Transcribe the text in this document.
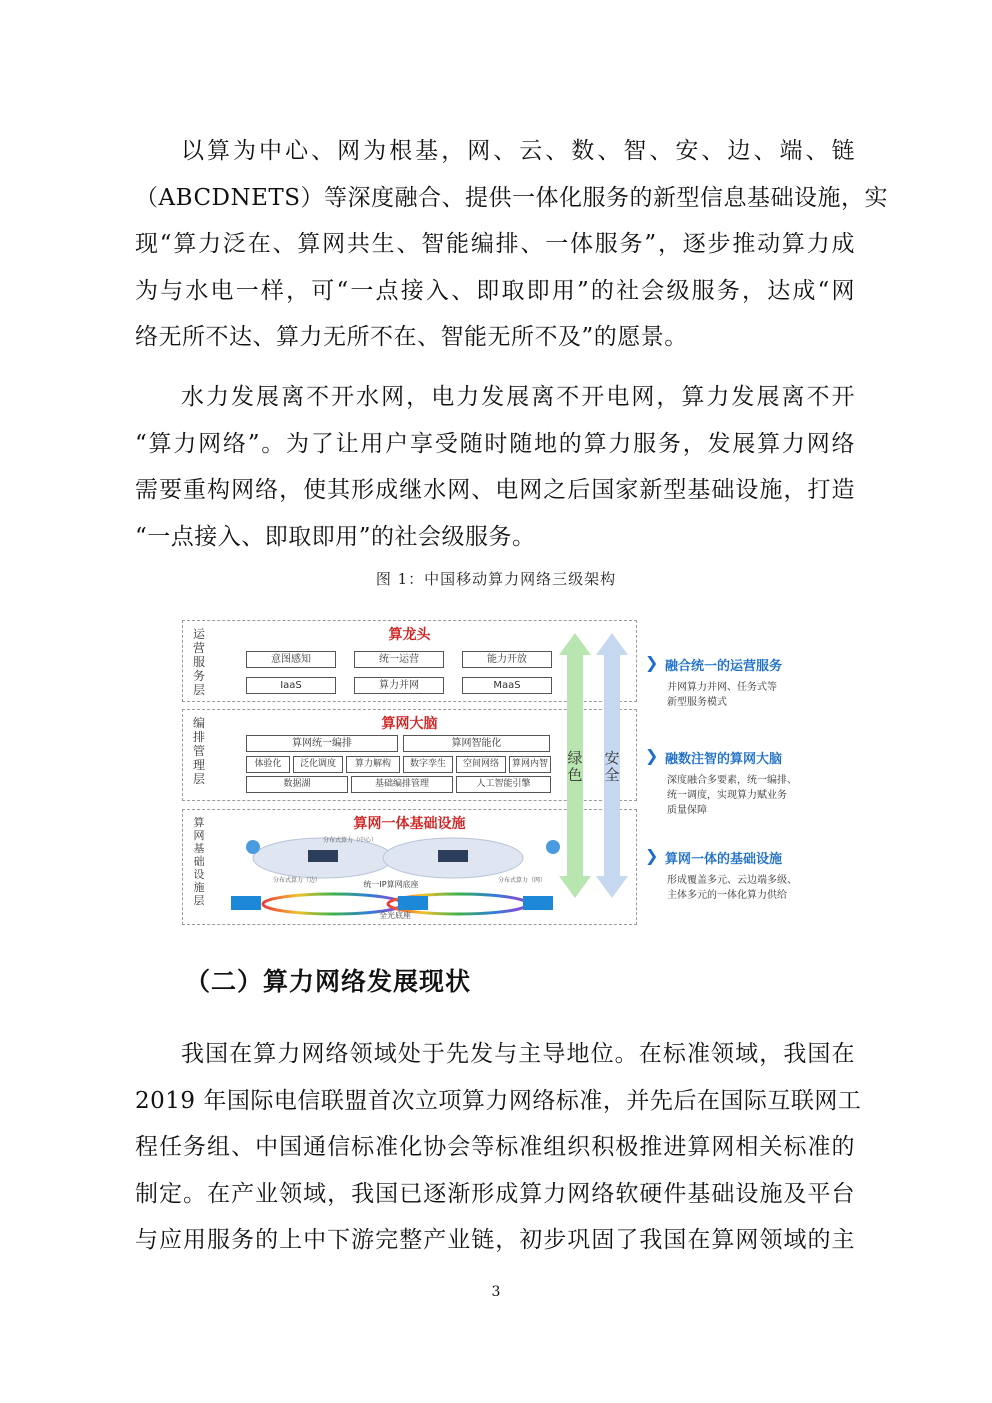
以算为中心、网为根基，网、云、数、智、安、边、端、链
（ABCDNETS）等深度融合、提供一体化服务的新型信息基础设施，实
现“算力泛在、算网共生、智能编排、一体服务”，逐步推动算力成
为与水电一样，可“一点接入、即取即用”的社会级服务，达成“网
络无所不达、算力无所不在、智能无所不及”的愿景。
水力发展离不开水网，电力发展离不开电网，算力发展离不开
“算力网络”。为了让用户享受随时随地的算力服务，发展算力网络
需要重构网络，使其形成继水网、电网之后国家新型基础设施，打造
“一点接入、即取即用”的社会级服务。
图 1：中国移动算力网络三级架构
运营服务层
算龙头
意图感知	统一运营	能力开放
IaaS	算力并网	MaaS
编排管理层
算网大脑
算网统一编排	算网智能化
体验化	泛化调度	算力解构	数字孪生	空间网络	算网内智
数据湖	基础编排管理	人工智能引擎
算网基础设施层
算网一体基础设施
统一IP算网底座
全光底座
分布式算力（边）	分布式算力（网）
分布式算力（中心）
绿色
安全
❯ 融合统一的运营服务
并网算力并网、任务式等
新型服务模式
❯ 融数注智的算网大脑
深度融合多要素，统一编排、
统一调度，实现算力赋业务
质量保障
❯ 算网一体的基础设施
形成覆盖多元、云边端多级、
主体多元的一体化算力供给
（二）算力网络发展现状
我国在算力网络领域处于先发与主导地位。在标准领域，我国在
2019 年国际电信联盟首次立项算力网络标准，并先后在国际互联网工
程任务组、中国通信标准化协会等标准组织积极推进算网相关标准的
制定。在产业领域，我国已逐渐形成算力网络软硬件基础设施及平台
与应用服务的上中下游完整产业链，初步巩固了我国在算网领域的主
3
